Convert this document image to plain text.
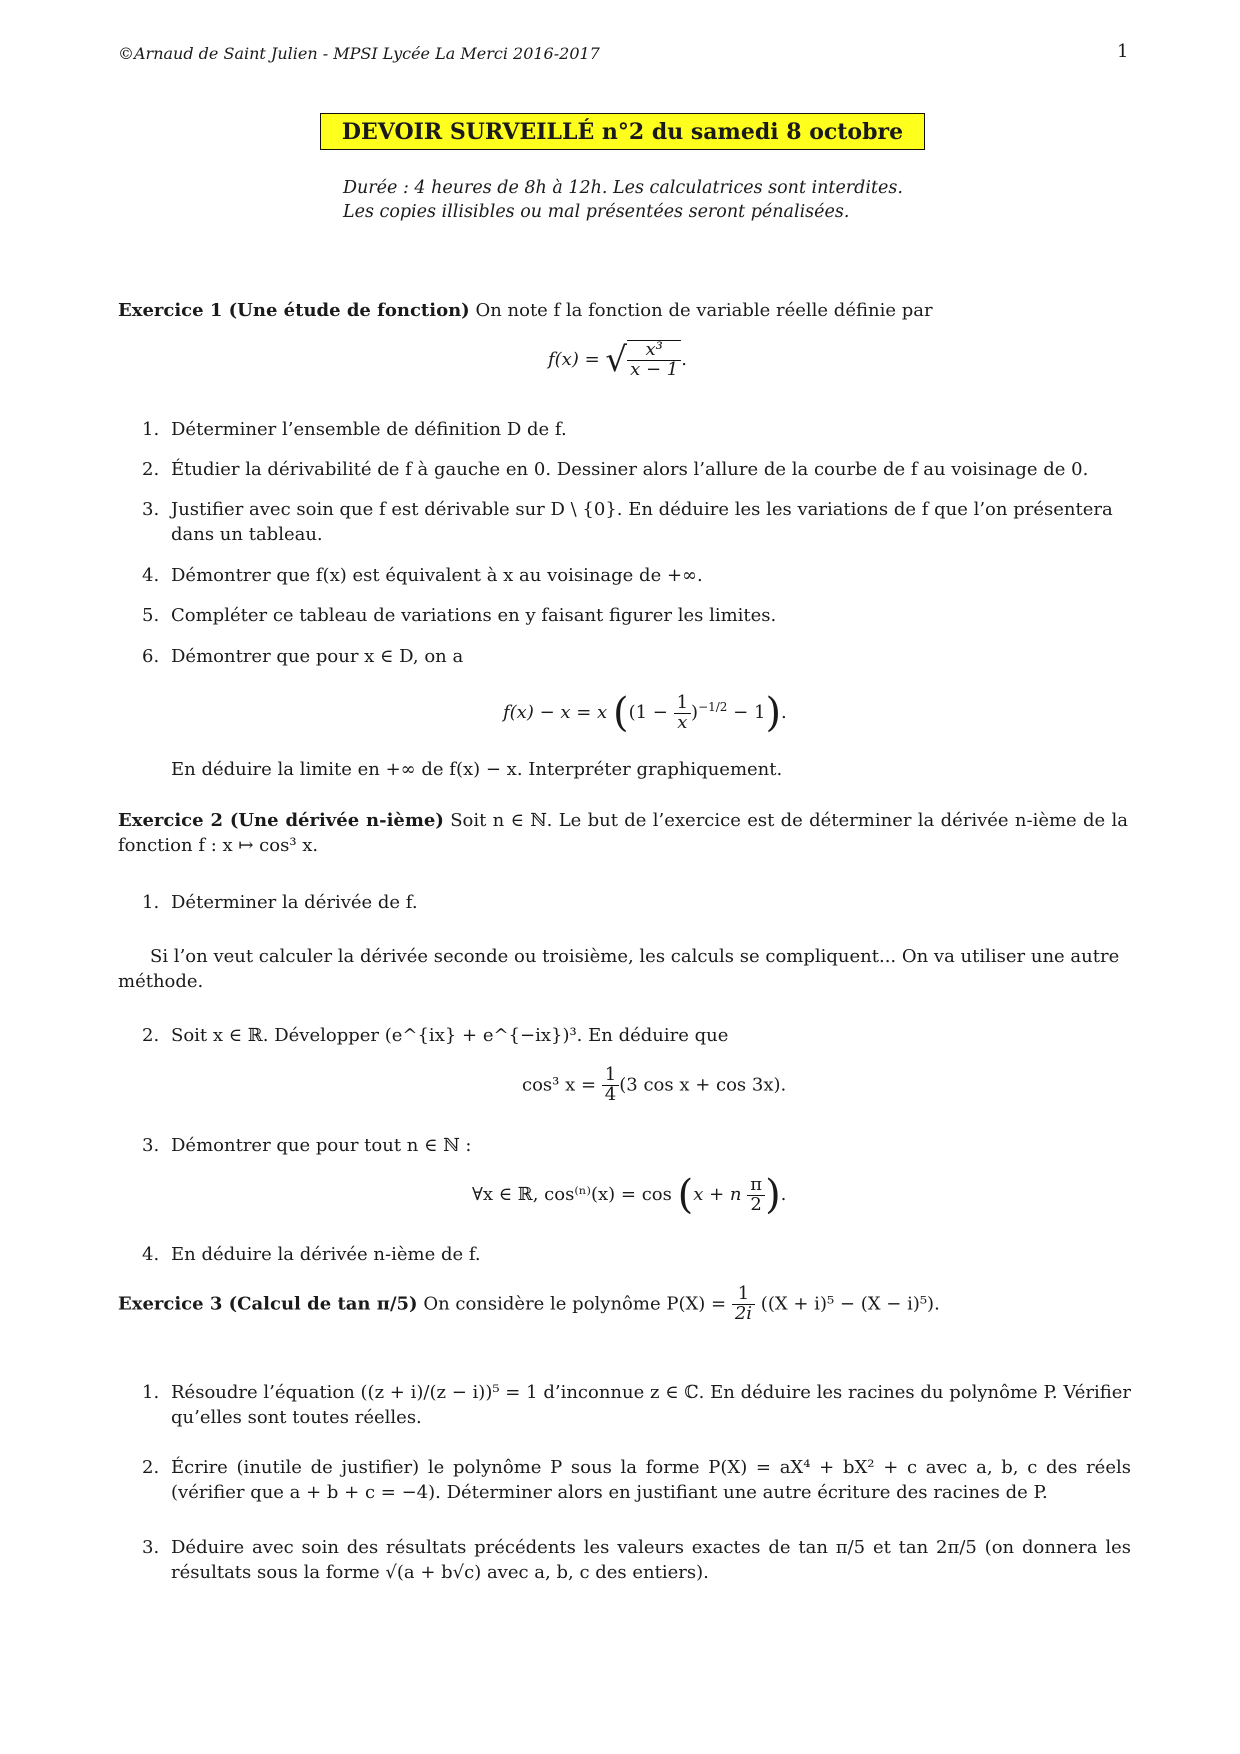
©Arnaud de Saint Julien - MPSI Lycée La Merci 2016-2017	1
DEVOIR SURVEILLÉ n°2 du samedi 8 octobre
Durée : 4 heures de 8h à 12h. Les calculatrices sont interdites.
Les copies illisibles ou mal présentées seront pénalisées.
Exercice 1 (Une étude de fonction) On note f la fonction de variable réelle définie par
f(x) = √ $\frac{\text{x³}}{x - 1}$ .
1. Déterminer l’ensemble de définition D de f.
2. Étudier la dérivabilité de f à gauche en 0. Dessiner alors l’allure de la courbe de f au voisinage de 0.
3. Justifier avec soin que f est dérivable sur D \ {0}. En déduire les les variations de f que l’on présentera dans un tableau.
4. Démontrer que f(x) est équivalent à x au voisinage de +∞.
5. Compléter ce tableau de variations en y faisant figurer les limites.
6. Démontrer que pour x ∈ D, on a
f(x) − x = x $((1 - \frac{1}{x} )^{-1/2} - 1)$.
En déduire la limite en +∞ de f(x) − x. Interpréter graphiquement.
Exercice 2 (Une dérivée n-ième) Soit n ∈ ℕ. Le but de l’exercice est de déterminer la dérivée n-ième de la fonction f : x ↦ cos³ x.
1. Déterminer la dérivée de f.
Si l’on veut calculer la dérivée seconde ou troisième, les calculs se compliquent... On va utiliser une autre méthode.
2. Soit x ∈ ℝ. Développer (e^{ix} + e^{−ix})³. En déduire que
cos³ $x = \frac{1}{4} (3$ cos x + cos 3x).
3. Démontrer que pour tout n ∈ ℕ :
∀x ∈ ℝ, cos⁽ⁿ⁾(x) = cos (x + n $\frac{\pi}{2}$ ).
4. En déduire la dérivée n-ième de f.
Exercice 3 (Calcul de tan π/5) On considère le polynôme $P(X) = \frac{1}{2i} ((X + i)^5 - (X - i)^5)$.
1. Résoudre l’équation ((z + i)/(z − i))⁵ = 1 d’inconnue z ∈ ℂ. En déduire les racines du polynôme P. Vérifier qu’elles sont toutes réelles.
2. Écrire (inutile de justifier) le polynôme P sous la forme P(X) = aX⁴ + bX² + c avec a, b, c des réels (vérifier que a + b + c = −4). Déterminer alors en justifiant une autre écriture des racines de P.
3. Déduire avec soin des résultats précédents les valeurs exactes de tan π/5 et tan 2π/5 (on donnera les résultats sous la forme √(a + b√c) avec a, b, c des entiers).
